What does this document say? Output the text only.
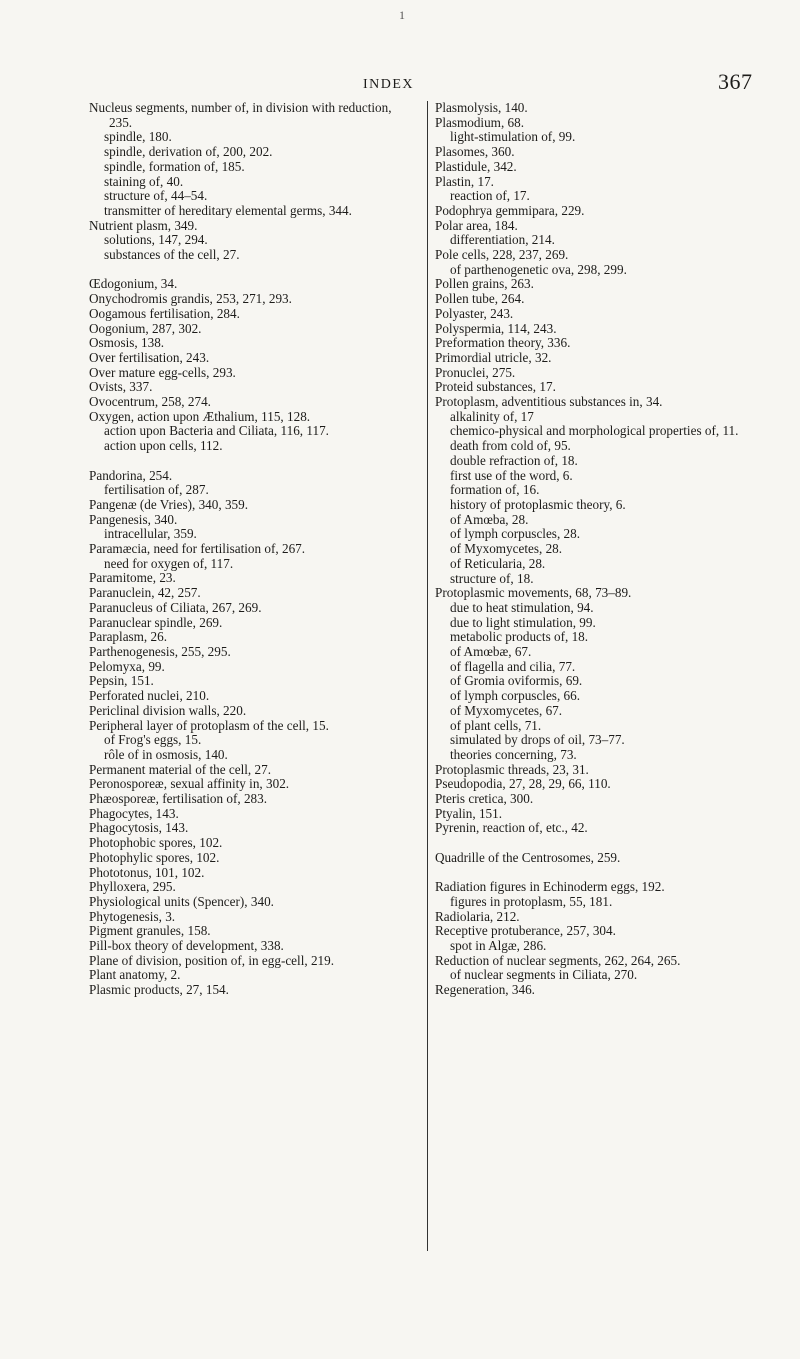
1
INDEX	367
Nucleus segments, number of, in division with reduction, 235.
spindle, 180.
spindle, derivation of, 200, 202.
spindle, formation of, 185.
staining of, 40.
structure of, 44–54.
transmitter of hereditary elemental germs, 344.
Nutrient plasm, 349.
solutions, 147, 294.
substances of the cell, 27.
Œdogonium, 34.
Onychodromis grandis, 253, 271, 293.
Oogamous fertilisation, 284.
Oogonium, 287, 302.
Osmosis, 138.
Over fertilisation, 243.
Over mature egg-cells, 293.
Ovists, 337.
Ovocentrum, 258, 274.
Oxygen, action upon Æthalium, 115, 128.
action upon Bacteria and Ciliata, 116, 117.
action upon cells, 112.
Pandorina, 254.
fertilisation of, 287.
Pangenæ (de Vries), 340, 359.
Pangenesis, 340.
intracellular, 359.
Paramæcia, need for fertilisation of, 267.
need for oxygen of, 117.
Paramitome, 23.
Paranuclein, 42, 257.
Paranucleus of Ciliata, 267, 269.
Paranuclear spindle, 269.
Paraplasm, 26.
Parthenogenesis, 255, 295.
Pelomyxa, 99.
Pepsin, 151.
Perforated nuclei, 210.
Periclinal division walls, 220.
Peripheral layer of protoplasm of the cell, 15.
of Frog's eggs, 15.
rôle of in osmosis, 140.
Permanent material of the cell, 27.
Peronosporeæ, sexual affinity in, 302.
Phæosporeæ, fertilisation of, 283.
Phagocytes, 143.
Phagocytosis, 143.
Photophobic spores, 102.
Photophylic spores, 102.
Phototonus, 101, 102.
Phylloxera, 295.
Physiological units (Spencer), 340.
Phytogenesis, 3.
Pigment granules, 158.
Pill-box theory of development, 338.
Plane of division, position of, in egg-cell, 219.
Plant anatomy, 2.
Plasmic products, 27, 154.
Plasmolysis, 140.
Plasmodium, 68.
light-stimulation of, 99.
Plasomes, 360.
Plastidule, 342.
Plastin, 17.
reaction of, 17.
Podophrya gemmipara, 229.
Polar area, 184.
differentiation, 214.
Pole cells, 228, 237, 269.
of parthenogenetic ova, 298, 299.
Pollen grains, 263.
Pollen tube, 264.
Polyaster, 243.
Polyspermia, 114, 243.
Preformation theory, 336.
Primordial utricle, 32.
Pronuclei, 275.
Proteid substances, 17.
Protoplasm, adventitious substances in, 34.
alkalinity of, 17
chemico-physical and morphological properties of, 11.
death from cold of, 95.
double refraction of, 18.
first use of the word, 6.
formation of, 16.
history of protoplasmic theory, 6.
of Amœba, 28.
of lymph corpuscles, 28.
of Myxomycetes, 28.
of Reticularia, 28.
structure of, 18.
Protoplasmic movements, 68, 73–89.
due to heat stimulation, 94.
due to light stimulation, 99.
metabolic products of, 18.
of Amœbæ, 67.
of flagella and cilia, 77.
of Gromia oviformis, 69.
of lymph corpuscles, 66.
of Myxomycetes, 67.
of plant cells, 71.
simulated by drops of oil, 73–77.
theories concerning, 73.
Protoplasmic threads, 23, 31.
Pseudopodia, 27, 28, 29, 66, 110.
Pteris cretica, 300.
Ptyalin, 151.
Pyrenin, reaction of, etc., 42.
Quadrille of the Centrosomes, 259.
Radiation figures in Echinoderm eggs, 192.
figures in protoplasm, 55, 181.
Radiolaria, 212.
Receptive protuberance, 257, 304.
spot in Algæ, 286.
Reduction of nuclear segments, 262, 264, 265.
of nuclear segments in Ciliata, 270.
Regeneration, 346.
